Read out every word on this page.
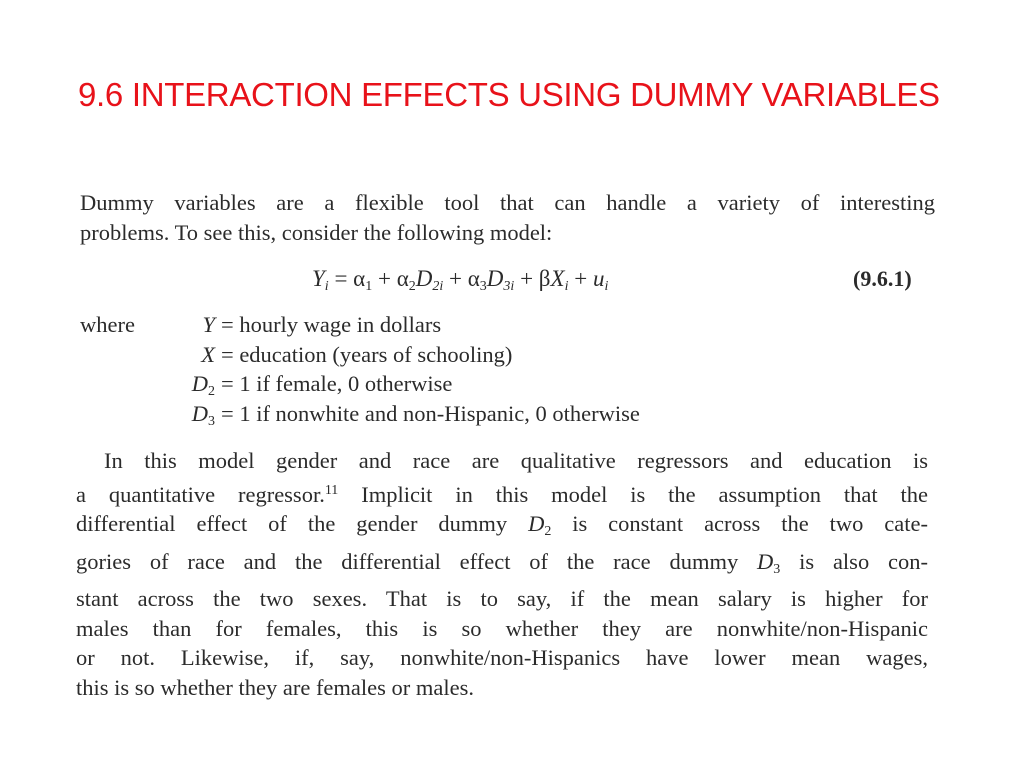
9.6 INTERACTION EFFECTS USING DUMMY VARIABLES
Dummy variables are a flexible tool that can handle a variety of interesting
problems. To see this, consider the following model:
$Y_i = \alpha_1 + \alpha_2D_{2i} + \alpha_3D_{3i} + \beta X_i + u_i$	(9.6.1)
where	Y = hourly wage in dollars
X = education (years of schooling)
$D_2 = 1$ if female, 0 otherwise
$D_3 = 1$ if nonwhite and non-Hispanic, 0 otherwise
In this model gender and race are qualitative regressors and education is
a quantitative regressor.$^{11}$ Implicit in this model is the assumption that the
differential effect of the gender dummy $D_2$ is constant across the two cate-
gories of race and the differential effect of the race dummy $D_3$ is also con-
stant across the two sexes. That is to say, if the mean salary is higher for
males than for females, this is so whether they are nonwhite/non-Hispanic
or not. Likewise, if, say, nonwhite/non-Hispanics have lower mean wages,
this is so whether they are females or males.
